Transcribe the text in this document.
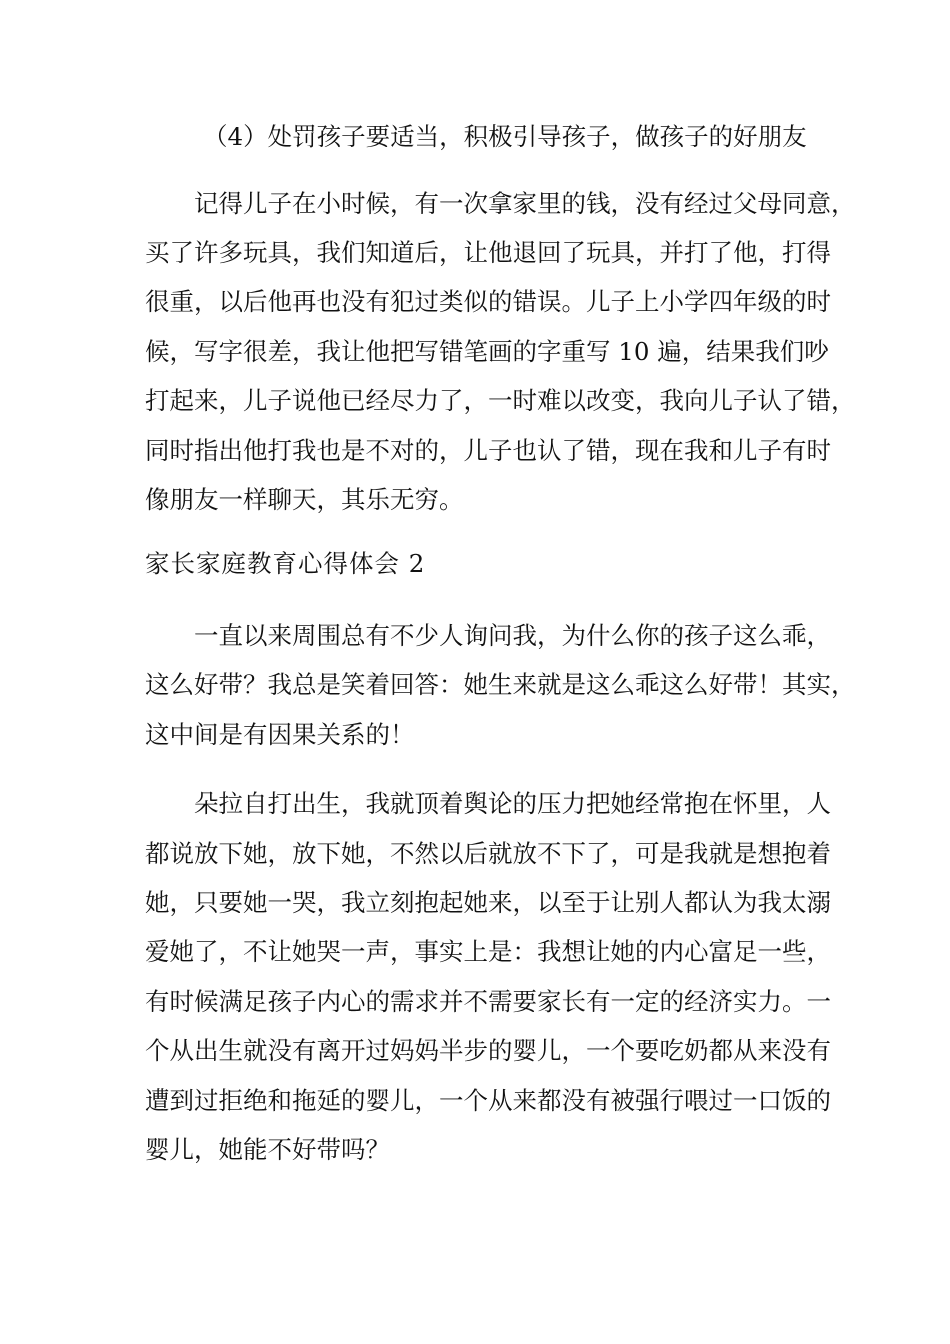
（4）处罚孩子要适当，积极引导孩子，做孩子的好朋友
记得儿子在小时候，有一次拿家里的钱，没有经过父母同意，
买了许多玩具，我们知道后，让他退回了玩具，并打了他，打得
很重，以后他再也没有犯过类似的错误。儿子上小学四年级的时
候，写字很差，我让他把写错笔画的字重写 10 遍，结果我们吵
打起来，儿子说他已经尽力了，一时难以改变，我向儿子认了错，
同时指出他打我也是不对的，儿子也认了错，现在我和儿子有时
像朋友一样聊天，其乐无穷。
家长家庭教育心得体会 2
一直以来周围总有不少人询问我，为什么你的孩子这么乖，
这么好带？我总是笑着回答：她生来就是这么乖这么好带！其实，
这中间是有因果关系的！
朵拉自打出生，我就顶着舆论的压力把她经常抱在怀里，人
都说放下她，放下她，不然以后就放不下了，可是我就是想抱着
她，只要她一哭，我立刻抱起她来，以至于让别人都认为我太溺
爱她了，不让她哭一声，事实上是：我想让她的内心富足一些，
有时候满足孩子内心的需求并不需要家长有一定的经济实力。一
个从出生就没有离开过妈妈半步的婴儿，一个要吃奶都从来没有
遭到过拒绝和拖延的婴儿，一个从来都没有被强行喂过一口饭的
婴儿，她能不好带吗？
